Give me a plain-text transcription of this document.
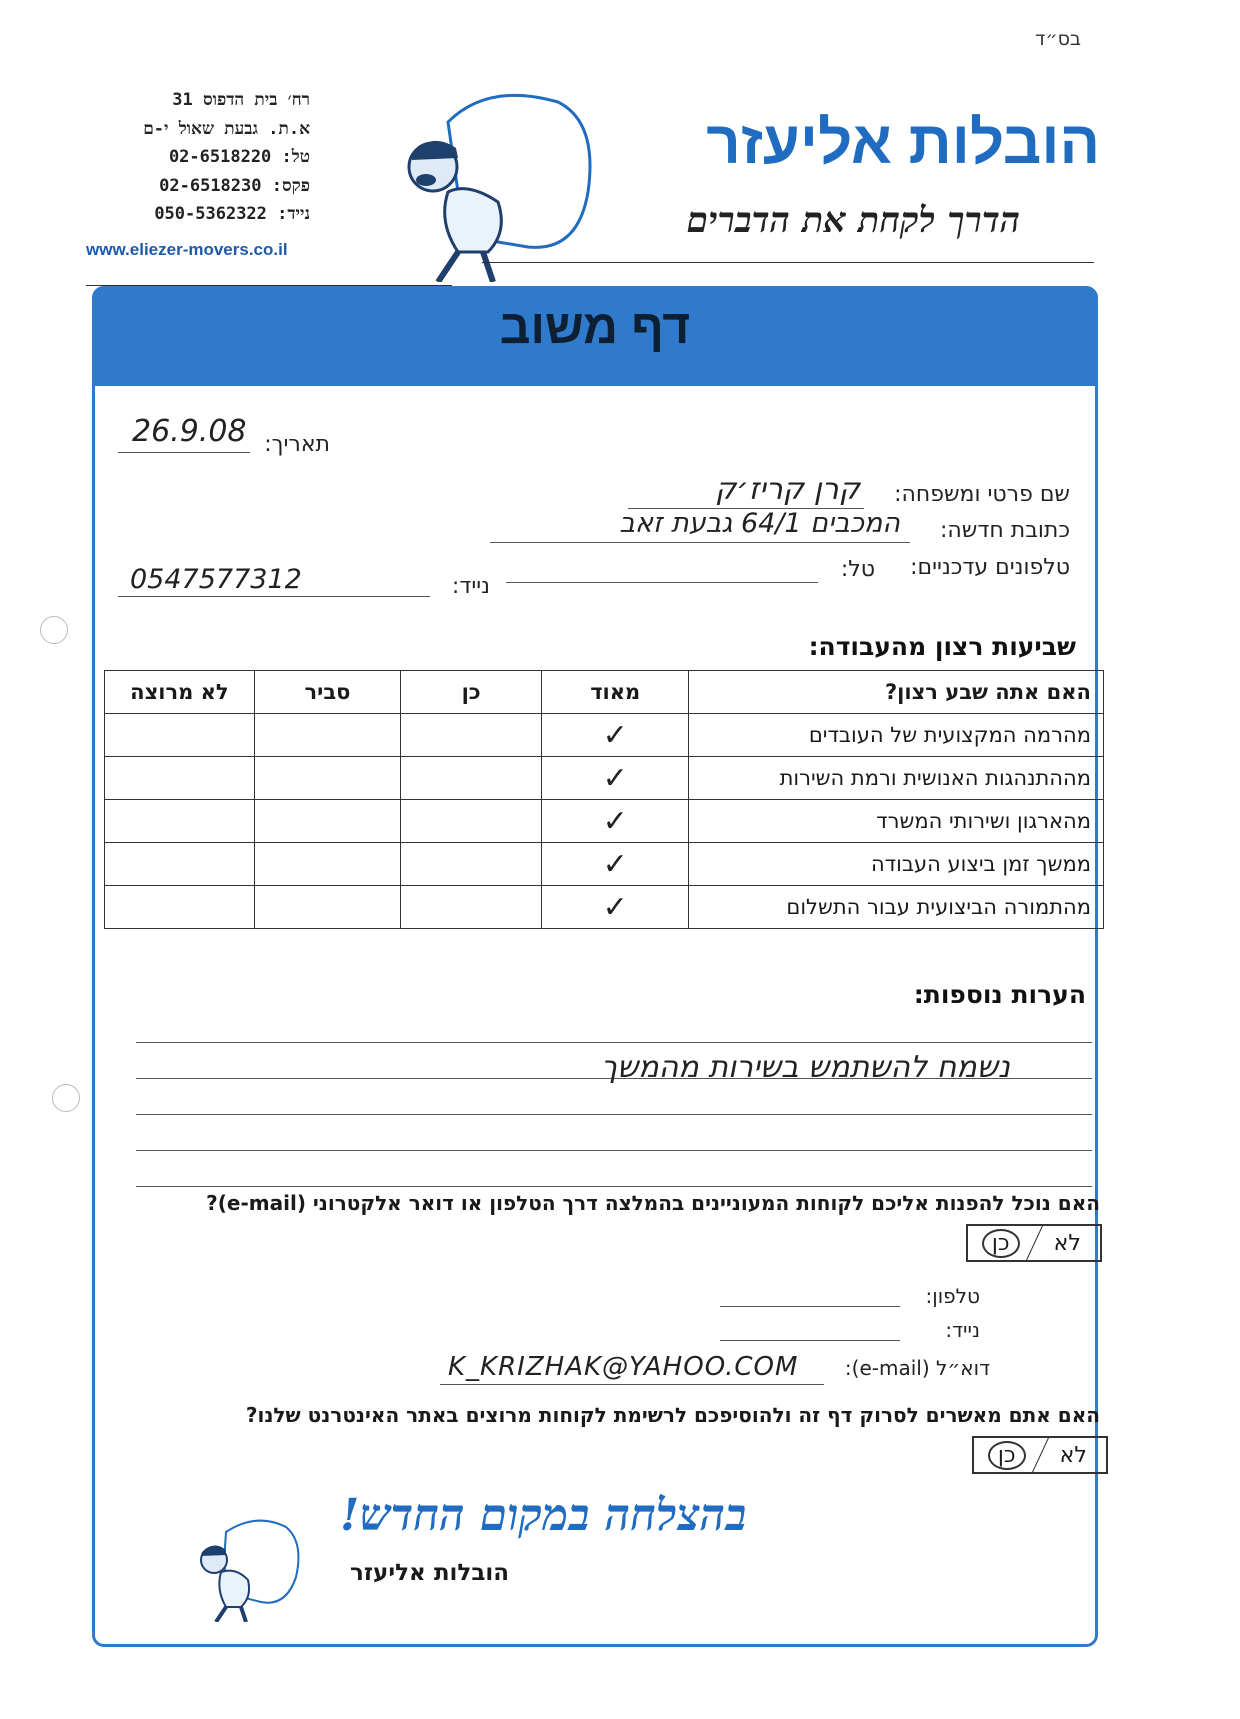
בס״ד
רח׳ בית הדפוס 31
א.ת. גבעת שאול י-ם
טל: 02-6518220
פקס: 02-6518230
נייד: 050-5362322
www.eliezer-movers.co.il
הובלות אליעזר
הדרך לקחת את הדברים
דף משוב
תאריך:
26.9.08
שם פרטי ומשפחה:
קרן קריז׳ק
כתובת חדשה:
המכבים 64/1 גבעת זאב
טלפונים עדכניים:
טל:
נייד:
0547577312
שביעות רצון מהעבודה:
האם אתה שבע רצון?	מאוד	כן	סביר	לא מרוצה
מהרמה המקצועית של העובדים	✓			
מההתנהגות האנושית ורמת השירות	✓			
מהארגון ושירותי המשרד	✓			
ממשך זמן ביצוע העבודה	✓			
מהתמורה הביצועית עבור התשלום	✓			
הערות נוספות:
נשמח להשתמש בשירות מהמשך
האם נוכל להפנות אליכם לקוחות המעוניינים בהמלצה דרך הטלפון או דואר אלקטרוני (e-mail)?
לא
כן
טלפון:
נייד:
דוא״ל (e-mail):
K_KRIZHAK@YAHOO.COM
האם אתם מאשרים לסרוק דף זה ולהוסיפכם לרשימת לקוחות מרוצים באתר האינטרנט שלנו?
לא
כן
בהצלחה במקום החדש!
הובלות אליעזר
